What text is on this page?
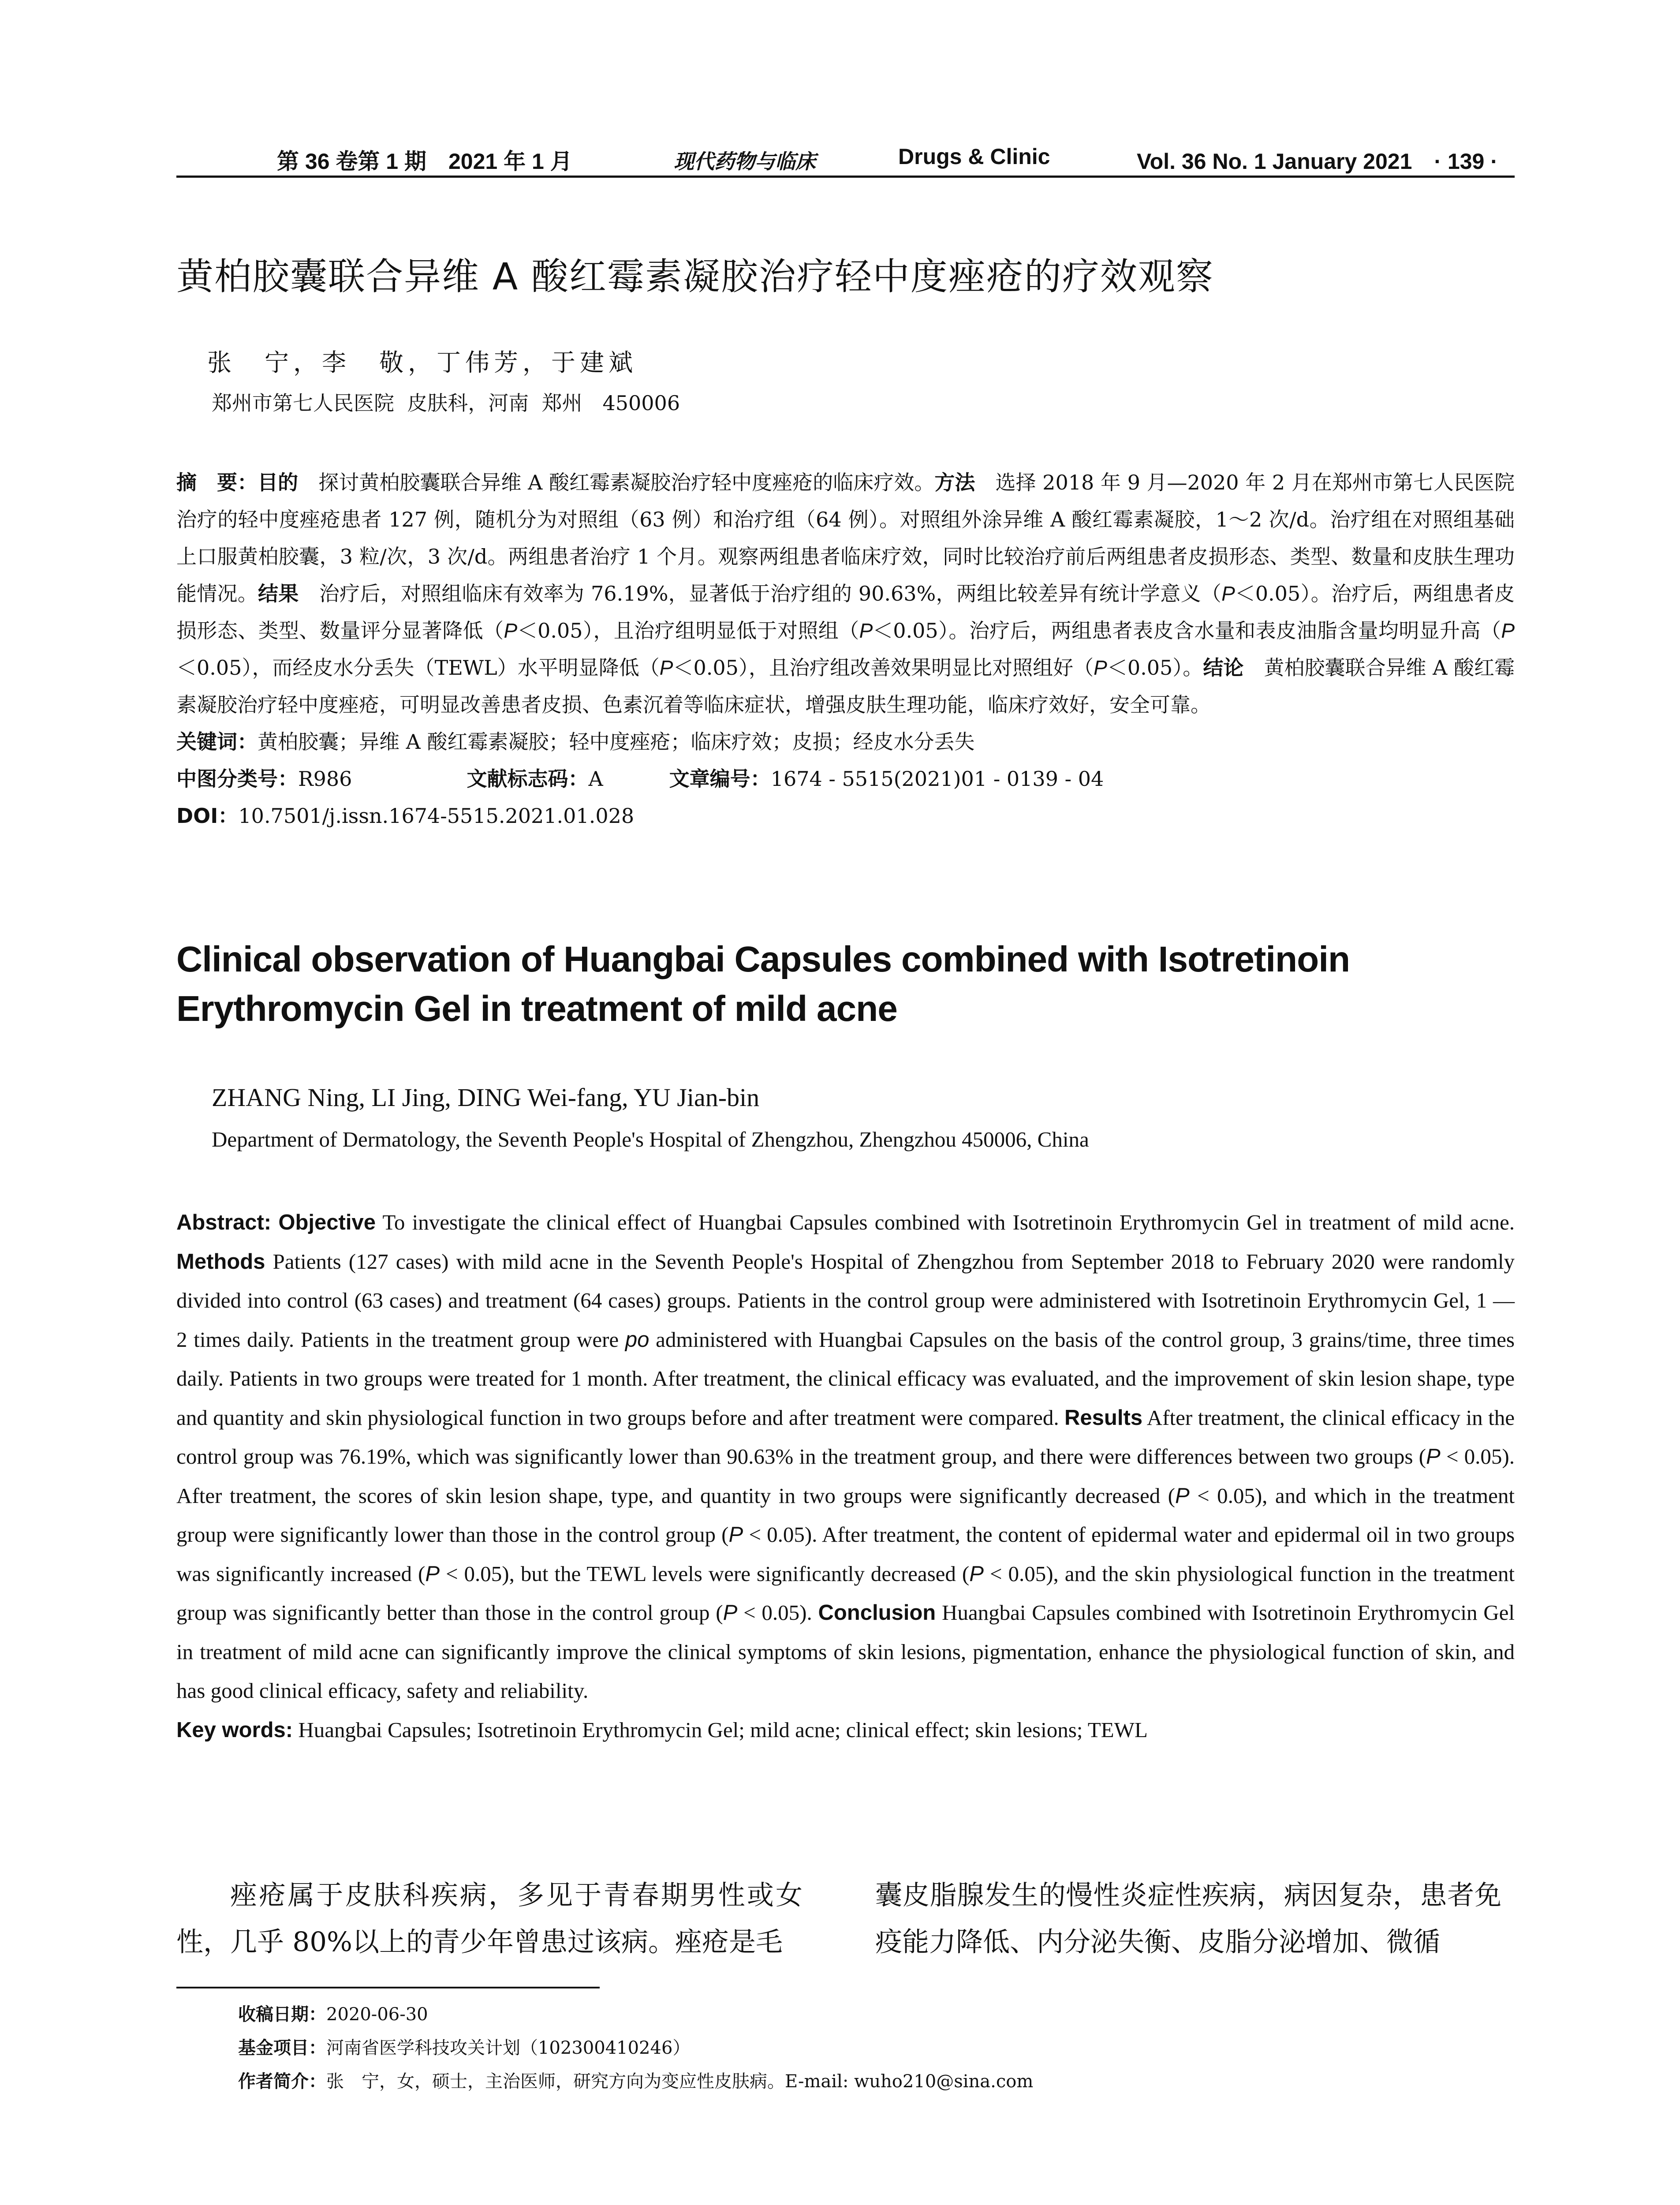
第 36 卷第 1 期　2021 年 1 月	现代药物与临床	Drugs & Clinic	Vol. 36 No. 1 January 2021　· 139 ·
黄柏胶囊联合异维 A 酸红霉素凝胶治疗轻中度痤疮的疗效观察
张　宁，李　敬，丁伟芳，于建斌
郑州市第七人民医院  皮肤科，河南  郑州　450006

摘　要：目的　探讨黄柏胶囊联合异维 A 酸红霉素凝胶治疗轻中度痤疮的临床疗效。方法　选择 2018 年 9 月—2020 年 2 月在郑州市第七人民医院治疗的轻中度痤疮患者 127 例，随机分为对照组（63 例）和治疗组（64 例）。对照组外涂异维 A 酸红霉素凝胶，1～2 次/d。治疗组在对照组基础上口服黄柏胶囊，3 粒/次，3 次/d。两组患者治疗 1 个月。观察两组患者临床疗效，同时比较治疗前后两组患者皮损形态、类型、数量和皮肤生理功能情况。结果　治疗后，对照组临床有效率为 76.19%，显著低于治疗组的 90.63%，两组比较差异有统计学意义（P＜0.05）。治疗后，两组患者皮损形态、类型、数量评分显著降低（P＜0.05），且治疗组明显低于对照组（P＜0.05）。治疗后，两组患者表皮含水量和表皮油脂含量均明显升高（P＜0.05），而经皮水分丢失（TEWL）水平明显降低（P＜0.05），且治疗组改善效果明显比对照组好（P＜0.05）。结论　黄柏胶囊联合异维 A 酸红霉素凝胶治疗轻中度痤疮，可明显改善患者皮损、色素沉着等临床症状，增强皮肤生理功能，临床疗效好，安全可靠。

关键词：黄柏胶囊；异维 A 酸红霉素凝胶；轻中度痤疮；临床疗效；皮损；经皮水分丢失

中图分类号：R986	文献标志码：A	文章编号：1674 - 5515(2021)01 - 0139 - 04

DOI：10.7501/j.issn.1674-5515.2021.01.028

Clinical observation of Huangbai Capsules combined with Isotretinoin Erythromycin Gel in treatment of mild acne
ZHANG Ning, LI Jing, DING Wei-fang, YU Jian-bin
Department of Dermatology, the Seventh People's Hospital of Zhengzhou, Zhengzhou 450006, China

Abstract: Objective To investigate the clinical effect of Huangbai Capsules combined with Isotretinoin Erythromycin Gel in treatment of mild acne. Methods Patients (127 cases) with mild acne in the Seventh People's Hospital of Zhengzhou from September 2018 to February 2020 were randomly divided into control (63 cases) and treatment (64 cases) groups. Patients in the control group were administered with Isotretinoin Erythromycin Gel, 1 — 2 times daily. Patients in the treatment group were po administered with Huangbai Capsules on the basis of the control group, 3 grains/time, three times daily. Patients in two groups were treated for 1 month. After treatment, the clinical efficacy was evaluated, and the improvement of skin lesion shape, type and quantity and skin physiological function in two groups before and after treatment were compared. Results After treatment, the clinical efficacy in the control group was 76.19%, which was significantly lower than 90.63% in the treatment group, and there were differences between two groups (P < 0.05). After treatment, the scores of skin lesion shape, type, and quantity in two groups were significantly decreased (P < 0.05), and which in the treatment group were significantly lower than those in the control group (P < 0.05). After treatment, the content of epidermal water and epidermal oil in two groups was significantly increased (P < 0.05), but the TEWL levels were significantly decreased (P < 0.05), and the skin physiological function in the treatment group was significantly better than those in the control group (P < 0.05). Conclusion Huangbai Capsules combined with Isotretinoin Erythromycin Gel in treatment of mild acne can significantly improve the clinical symptoms of skin lesions, pigmentation, enhance the physiological function of skin, and has good clinical efficacy, safety and reliability.

Key words: Huangbai Capsules; Isotretinoin Erythromycin Gel; mild acne; clinical effect; skin lesions; TEWL

痤疮属于皮肤科疾病，多见于青春期男性或女性，几乎 80%以上的青少年曾患过该病。痤疮是毛

囊皮脂腺发生的慢性炎症性疾病，病因复杂，患者免疫能力降低、内分泌失衡、皮脂分泌增加、微循

收稿日期：2020-06-30

基金项目：河南省医学科技攻关计划（102300410246）

作者简介：张　宁，女，硕士，主治医师，研究方向为变应性皮肤病。E-mail: wuho210@sina.com
